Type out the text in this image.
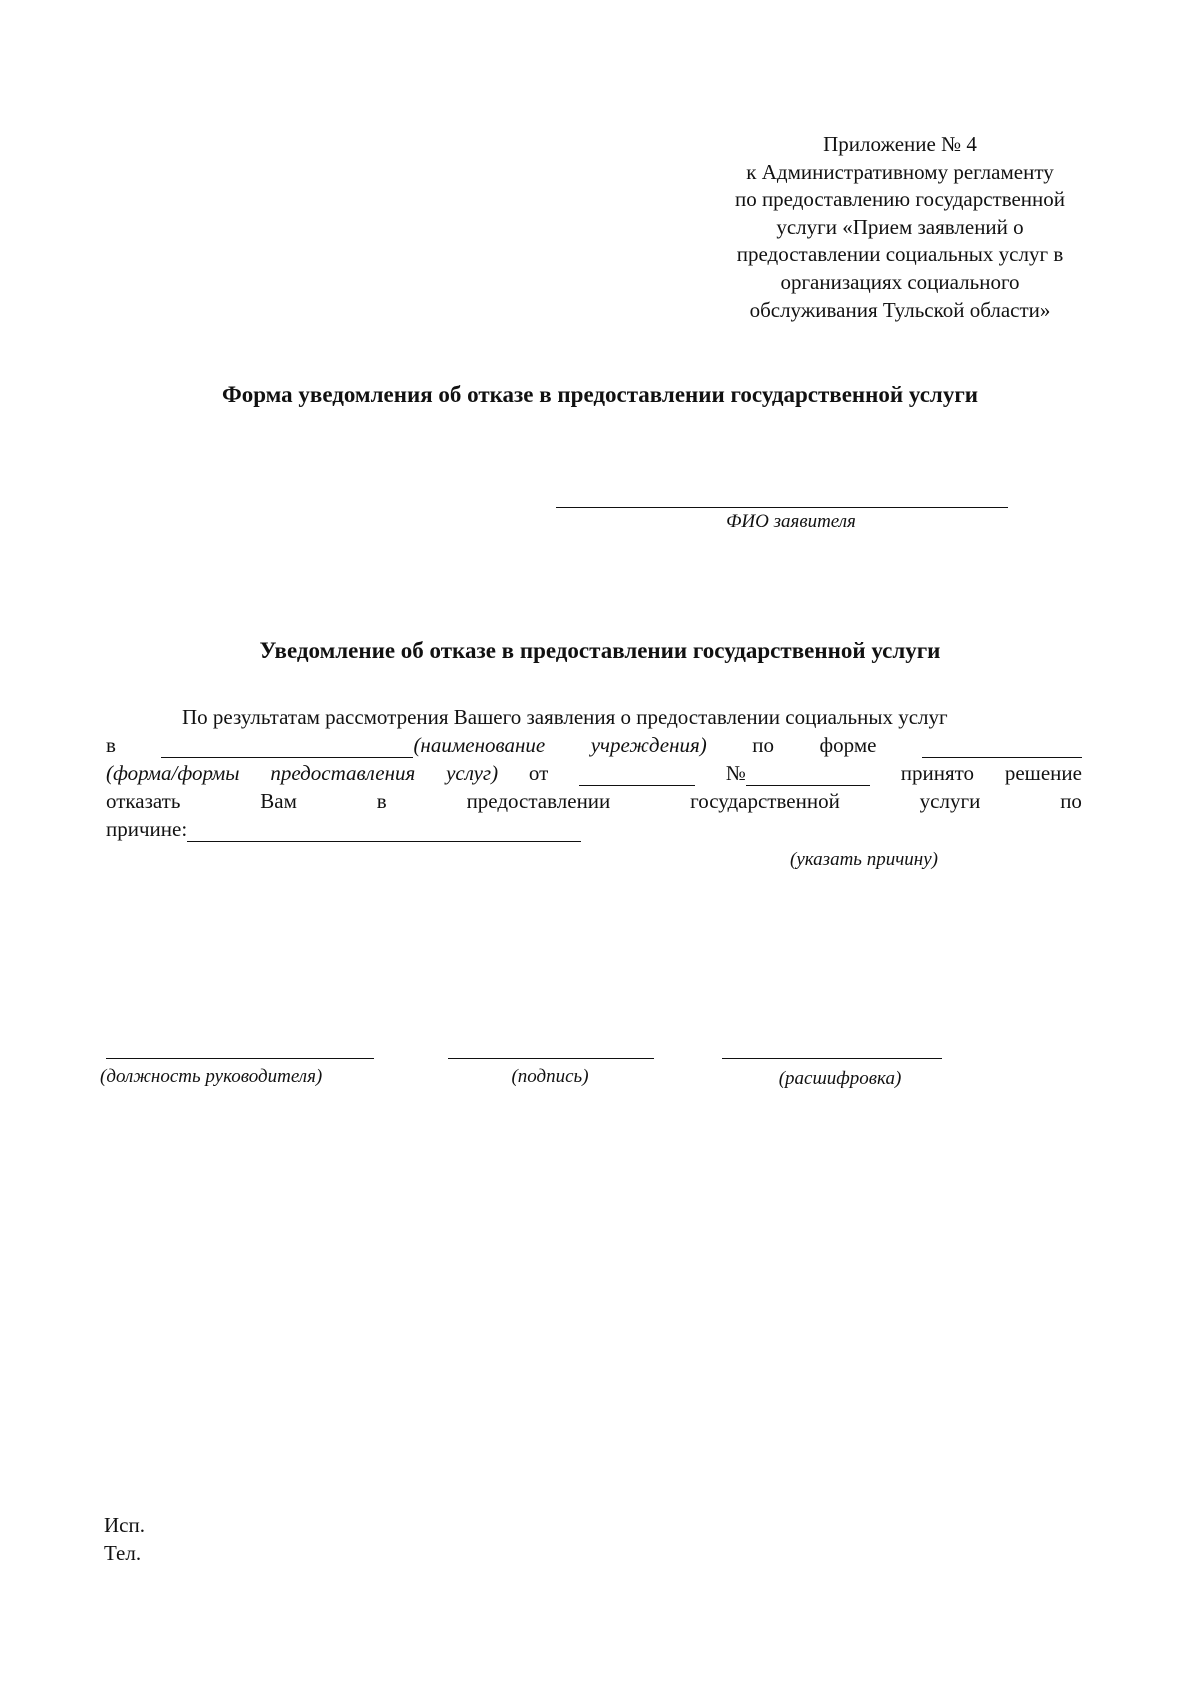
Приложение № 4
к Административному регламенту
по предоставлению государственной
услуги «Прием заявлений о
предоставлении социальных услуг в
организациях социального
обслуживания Тульской области»
Форма уведомления об отказе в предоставлении государственной услуги
ФИО заявителя
Уведомление об отказе в предоставлении государственной услуги
По результатам рассмотрения Вашего заявления о предоставлении социальных услуг
в	(наименование учреждения) по форме
(форма/формы предоставления услуг) от	№	принято решение
отказать	Вам	в	предоставлении	государственной	услуги	по
причине:
(указать причину)
(должность руководителя)	(подпись)	(расшифровка)
Исп.
Тел.
